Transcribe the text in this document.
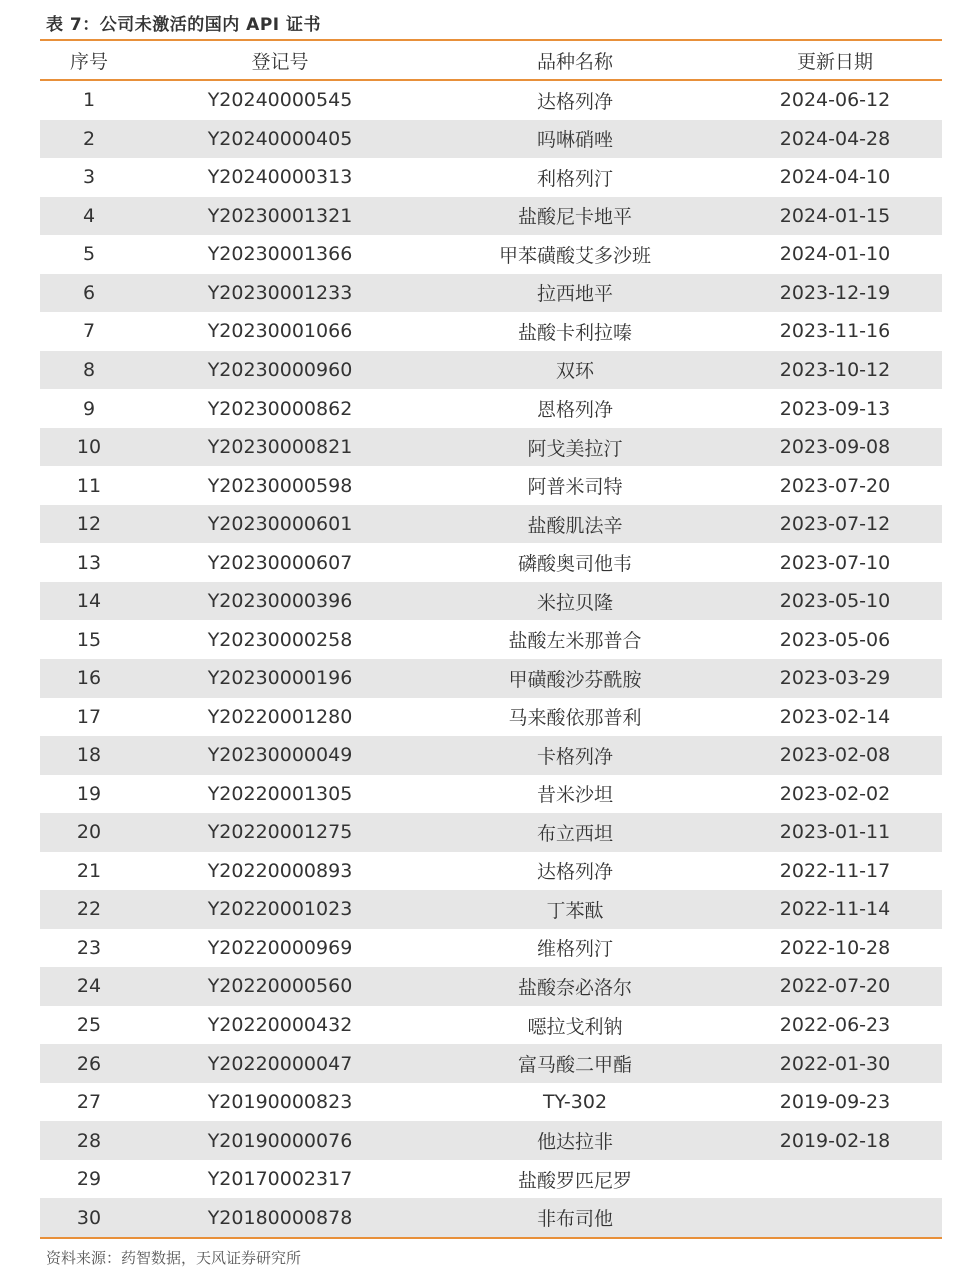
表 7：公司未激活的国内 API 证书
序号	登记号	品种名称	更新日期
1	Y20240000545	达格列净	2024-06-12
2	Y20240000405	吗啉硝唑	2024-04-28
3	Y20240000313	利格列汀	2024-04-10
4	Y20230001321	盐酸尼卡地平	2024-01-15
5	Y20230001366	甲苯磺酸艾多沙班	2024-01-10
6	Y20230001233	拉西地平	2023-12-19
7	Y20230001066	盐酸卡利拉嗪	2023-11-16
8	Y20230000960	双环	2023-10-12
9	Y20230000862	恩格列净	2023-09-13
10	Y20230000821	阿戈美拉汀	2023-09-08
11	Y20230000598	阿普米司特	2023-07-20
12	Y20230000601	盐酸肌法辛	2023-07-12
13	Y20230000607	磷酸奥司他韦	2023-07-10
14	Y20230000396	米拉贝隆	2023-05-10
15	Y20230000258	盐酸左米那普合	2023-05-06
16	Y20230000196	甲磺酸沙芬酰胺	2023-03-29
17	Y20220001280	马来酸依那普利	2023-02-14
18	Y20230000049	卡格列净	2023-02-08
19	Y20220001305	昔米沙坦	2023-02-02
20	Y20220001275	布立西坦	2023-01-11
21	Y20220000893	达格列净	2022-11-17
22	Y20220001023	丁苯酞	2022-11-14
23	Y20220000969	维格列汀	2022-10-28
24	Y20220000560	盐酸奈必洛尔	2022-07-20
25	Y20220000432	噁拉戈利钠	2022-06-23
26	Y20220000047	富马酸二甲酯	2022-01-30
27	Y20190000823	TY-302	2019-09-23
28	Y20190000076	他达拉非	2019-02-18
29	Y20170002317	盐酸罗匹尼罗
30	Y20180000878	非布司他
资料来源：药智数据，天风证券研究所
